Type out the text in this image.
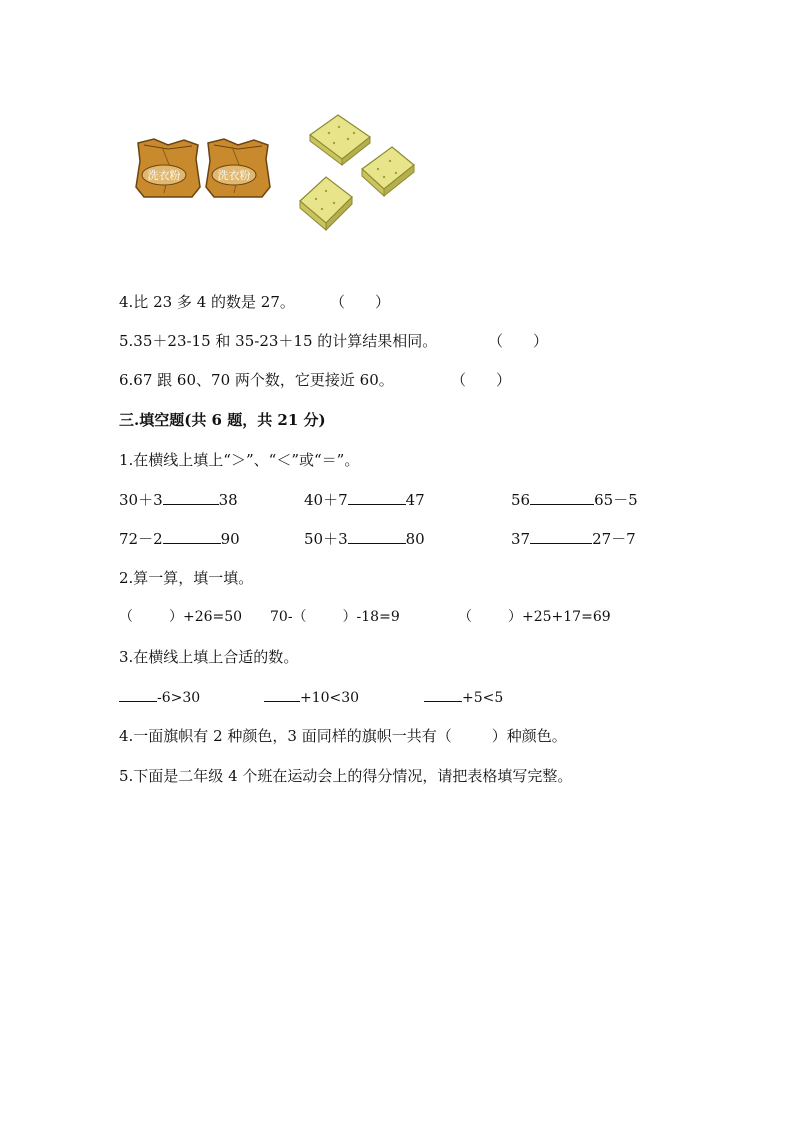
洗衣粉	洗衣粉
4.比 23 多 4 的数是 27。 （　　）
5.35＋23-15 和 35-23＋15 的计算结果相同。	（　　）
6.67 跟 60、70 两个数，它更接近 60。	（　　）
三.填空题(共 6 题，共 21 分)
1.在横线上填上“＞”、“＜”或“＝”。
30＋3	38	40＋7	47	56	65－5
72－2	90	50＋3	80	37	27－7
2.算一算，填一填。
（	）+26=50 70-（	）-18=9	（	）+25+17=69
3.在横线上填上合适的数。
-6>30	+10<30	+5<5
4.一面旗帜有 2 种颜色，3 面同样的旗帜一共有（	）种颜色。
5.下面是二年级 4 个班在运动会上的得分情况，请把表格填写完整。
